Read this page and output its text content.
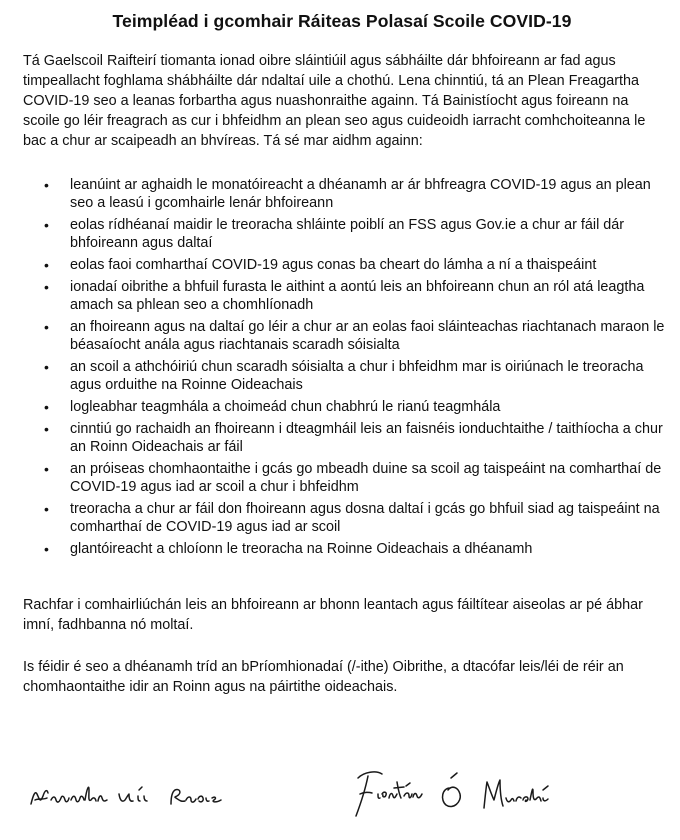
Teimpléad i gcomhair Ráiteas Polasaí Scoile COVID-19

Tá Gaelscoil Raifteirí tiomanta ionad oibre sláintiúil agus sábháilte dár bhfoireann ar fad agus timpeallacht foghlama shábháilte dár ndaltaí uile a chothú. Lena chinntiú, tá an Plean Freagartha COVID-19 seo a leanas forbartha agus nuashonraithe againn. Tá Bainistíocht agus foireann na scoile go léir freagrach as cur i bhfeidhm an plean seo agus cuideoidh iarracht comhchoiteanna le bac a chur ar scaipeadh an bhvíreas. Tá sé mar aidhm againn:

• leanúint ar aghaidh le monatóireacht a dhéanamh ar ár bhfreagra COVID-19 agus an plean seo a leasú i gcomhairle lenár bhfoireann
• eolas rídhéanaí maidir le treoracha shláinte poiblí an FSS agus Gov.ie a chur ar fáil dár bhfoireann agus daltaí
• eolas faoi comharthaí COVID-19 agus conas ba cheart do lámha a ní a thaispeáint
• ionadaí oibrithe a bhfuil furasta le aithint a aontú leis an bhfoireann chun an ról atá leagtha amach sa phlean seo a chomhlíonadh
• an fhoireann agus na daltaí go léir a chur ar an eolas faoi sláinteachas riachtanach maraon le béasaíocht anála agus riachtanais scaradh sóisialta
• an scoil a athchóiriú chun scaradh sóisialta a chur i bhfeidhm mar is oiriúnach le treoracha agus orduithe na Roinne Oideachais
• logleabhar teagmhála a choimeád chun chabhrú le rianú teagmhála
• cinntiú go rachaidh an fhoireann i dteagmháil leis an faisnéis ionduchtaithe / taithíocha a chur an Roinn Oideachais ar fáil
• an próiseas chomhaontaithe i gcás go mbeadh duine sa scoil ag taispeáint na comharthaí de COVID-19 agus iad ar scoil a chur i bhfeidhm
• treoracha a chur ar fáil don fhoireann agus dosna daltaí i gcás go bhfuil siad ag taispeáint na comharthaí de COVID-19 agus iad ar scoil
• glantóireacht a chloíonn le treoracha na Roinne Oideachais a dhéanamh

Rachfar i comhairliúchán leis an bhfoireann ar bhonn leantach agus fáiltítear aiseolas ar pé ábhar imní, fadhbanna nó moltaí.

Is féidir é seo a dhéanamh tríd an bPríomhionadaí (/-ithe) Oibrithe, a dtacófar leis/léi de réir an chomhaontaithe idir an Roinn agus na páirtithe oideachais.
